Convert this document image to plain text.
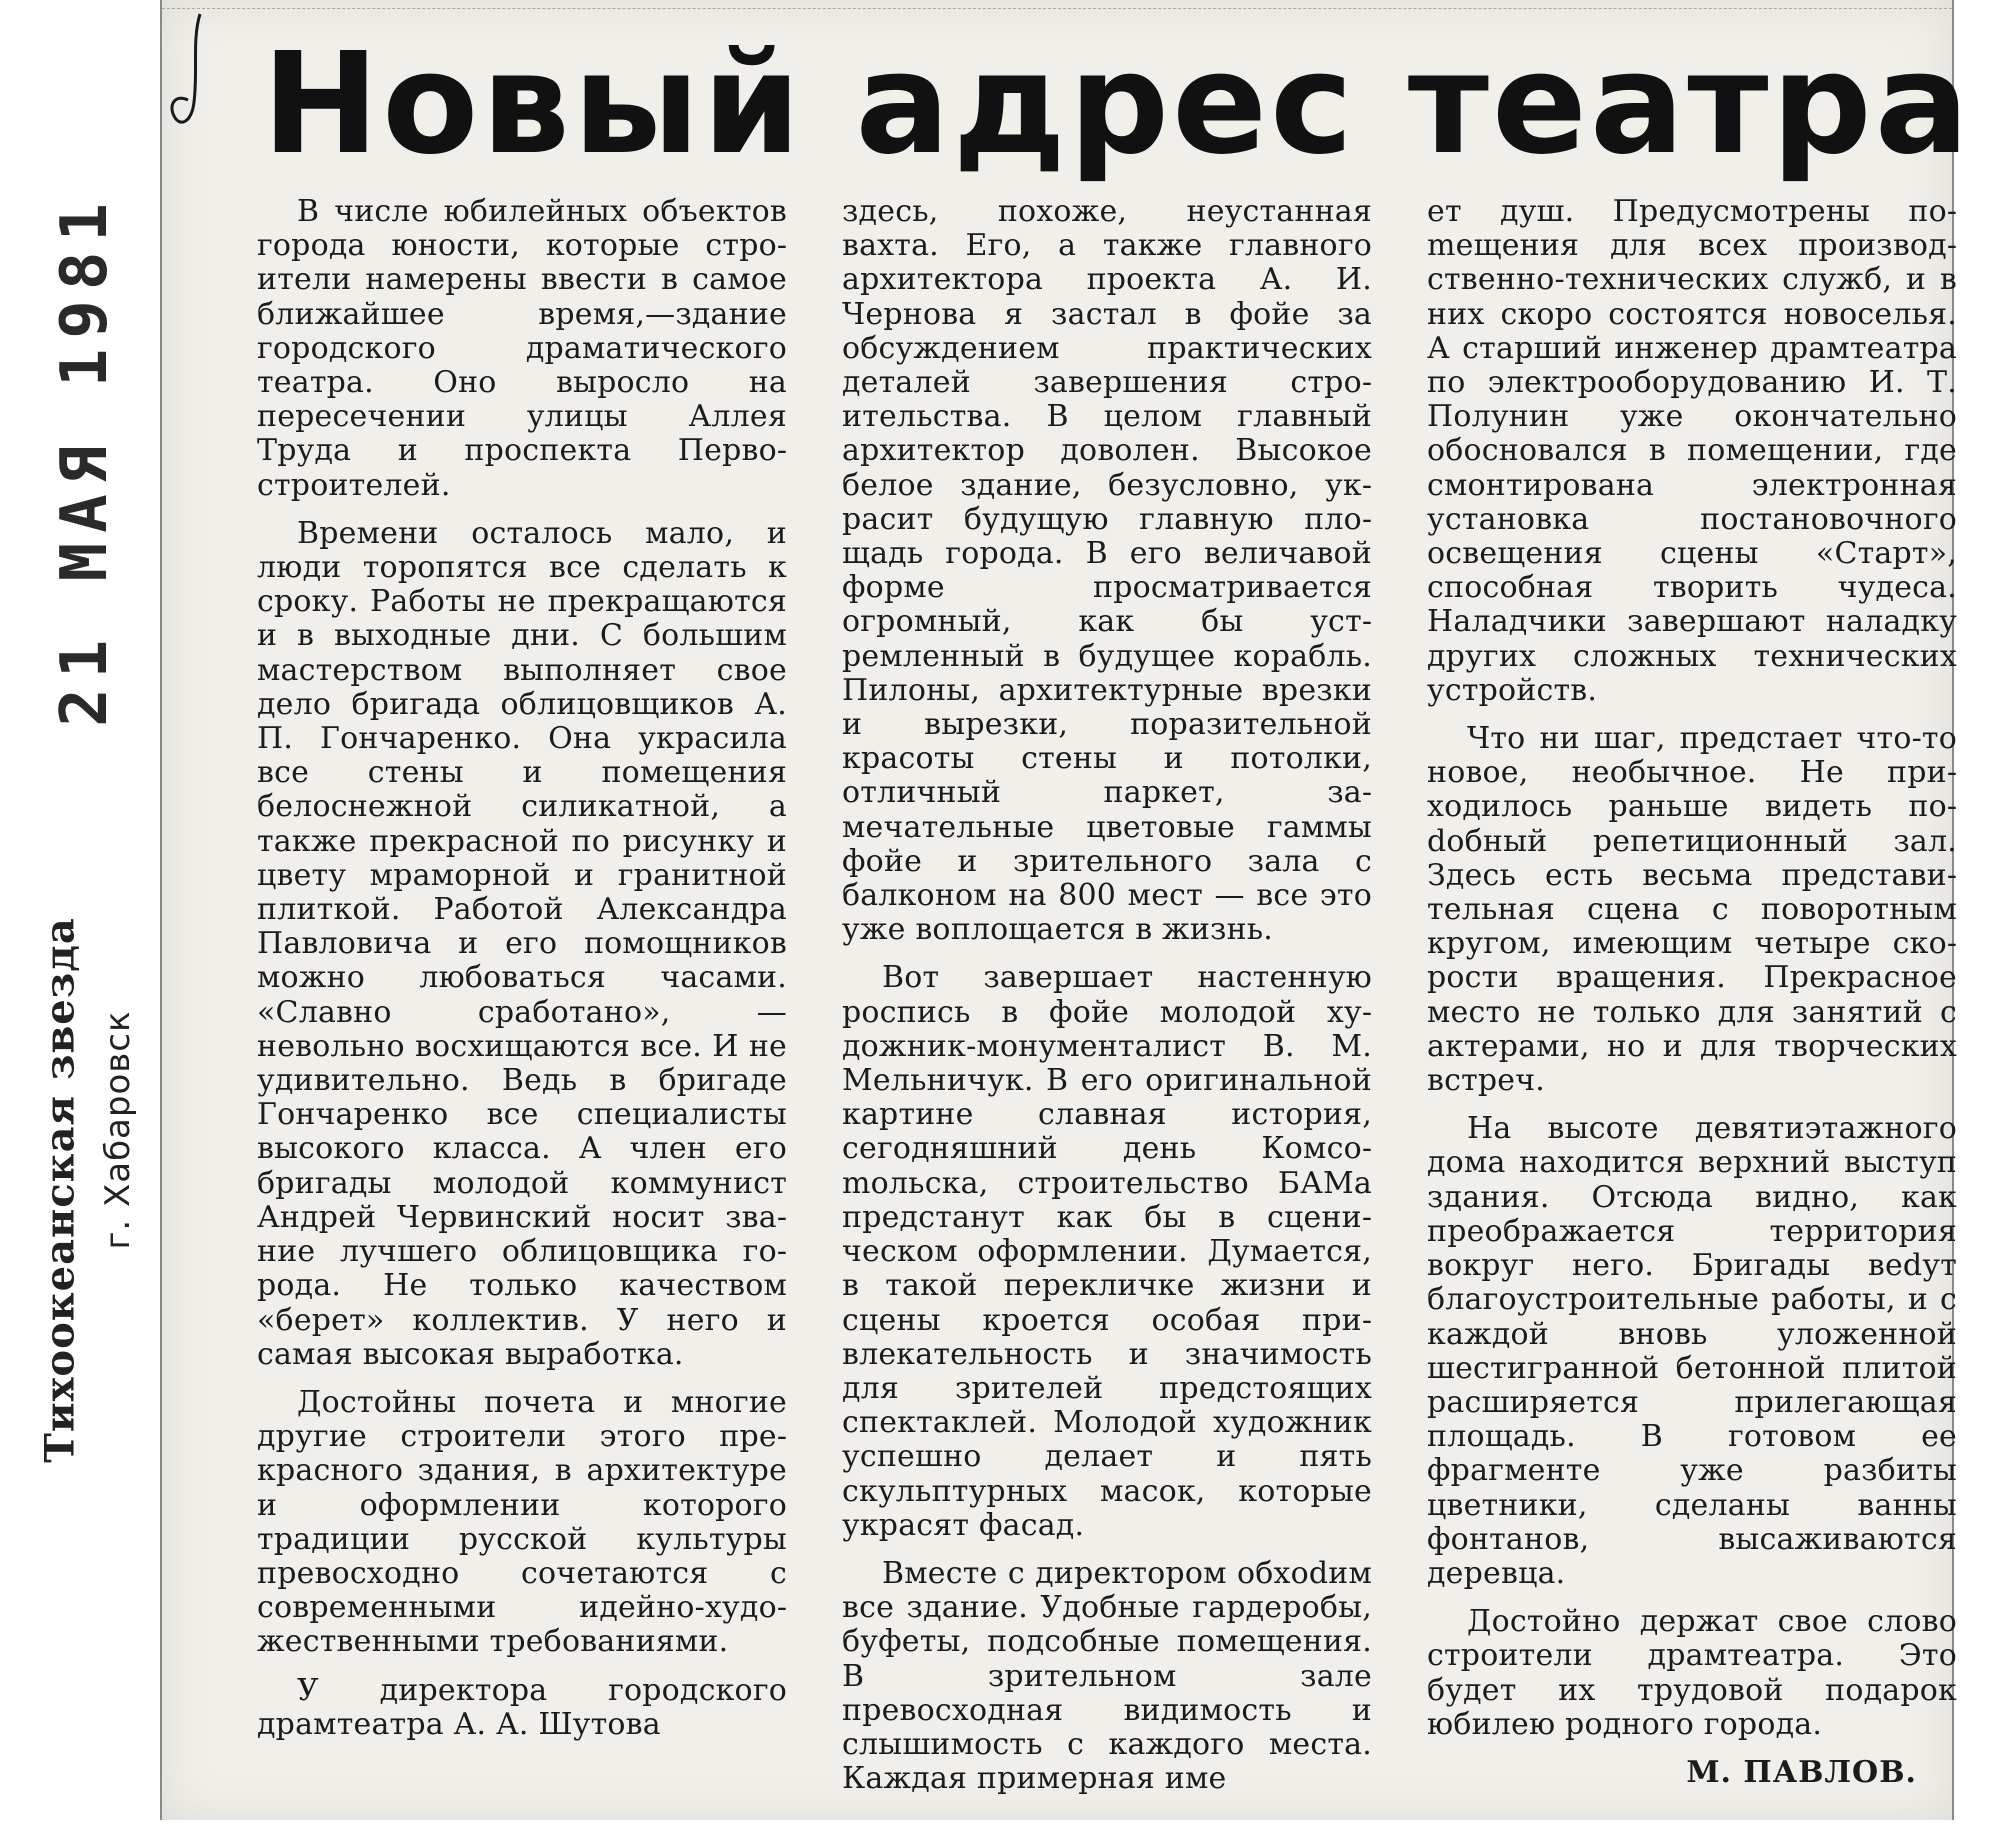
21 МАЯ 1981
Тихоокеанская звезда г. Хабаровск
Новый адрес театра

В числе юбилейных объектов города юности, которые строители намерены ввести в самое ближайшее время,—здание городского драматического театра. Оно выросло на пересечении улицы Аллея Труда и проспекта Первостроителей.

Времени осталось мало, и люди торопятся все сделать к сроку. Работы не прекращаются и в выходные дни. С большим мастерством выполняет свое дело бригада облицовщиков А. П. Гончаренко. Она украсила все стены и помещения белоснежной силикатной, а также прекрасной по рисунку и цвету мраморной и гранитной плиткой. Работой Александра Павловича и его помощников можно любоваться часами. «Славно сработано», — невольно восхищаются все. И не удивительно. Ведь в бригаде Гончаренко все специалисты высокого класса. А член его бригады молодой коммунист Андрей Червинский носит звание лучшего облицовщика города. Не только качеством «берет» коллектив. У него и самая высокая выработка.

Достойны почета и многие другие строители этого прекрасного здания, в архитектуре и оформлении которого традиции русской культуры превосходно сочетаются с современными идейно-художественными требованиями.

У директора городского драмтеатра А. А. Шутова

здесь, похоже, неустанная вахта. Его, а также главного архитектора проекта А. И. Чернова я застал в фойе за обсуждением практических деталей завершения строительства. В целом главный архитектор доволен. Высокое белое здание, безусловно, украсит будущую главную площадь города. В его величавой форме просматривается огромный, как бы устремленный в будущее корабль. Пилоны, архитектурные врезки и вырезки, поразительной красоты стены и потолки, отличный паркет, замечательные цветовые гаммы фойе и зрительного зала с балконом на 800 мест — все это уже воплощается в жизнь.

Вот завершает настенную роспись в фойе молодой художник-монументалист В. М. Мельничук. В его оригинальной картине славная история, сегодняшний день Комсоmольска, строительство БАМа предстанут как бы в сценическом оформлении. Думается, в такой перекличке жизни и сцены кроется особая привлекательность и значимость для зрителей предстоящих спектаклей. Молодой художник успешно делает и пять скульптурных масок, которые украсят фасад.

Вместе с директором обхоdим все здание. Удобные гардеробы, буфеты, подсобные помещения. В зрительном зале превосходная видимость и слышимость с каждого места. Каждая примерная име

ет душ. Предусмотрены поmещения для всех производственно-технических служб, и в них скоро состоятся новоселья. А старший инженер драмтеатра по электрооборудованию И. Т. Полунин уже окончательно обосновался в помещении, где смонтирована электронная установка постановочного освещения сцены «Старт», способная творить чудеса. Наладчики завершают наладку других сложных технических устройств.

Что ни шаг, предстает что-то новое, необычное. Не приходилось раньше видеть поdобный репетиционный зал. Здесь есть весьма представительная сцена с поворотным кругом, имеющим четыре скорости вращения. Прекрасное место не только для занятий с актерами, но и для творческих встреч.

На высоте девятиэтажного дома находится верхний выступ здания. Отсюда видно, как преображается территория вокруг него. Бригады веdут благоустроительные работы, и с каждой вновь уложенной шестигранной бетонной плитой расширяется прилегающая площадь. В готовом ее фрагменте уже разбиты цветники, сделаны ванны фонтанов, высаживаются деревца.

Достойно держат свое слово строители драмтеатра. Это будет их трудовой подарок юбилею родного города.

М. ПАВЛОВ.
